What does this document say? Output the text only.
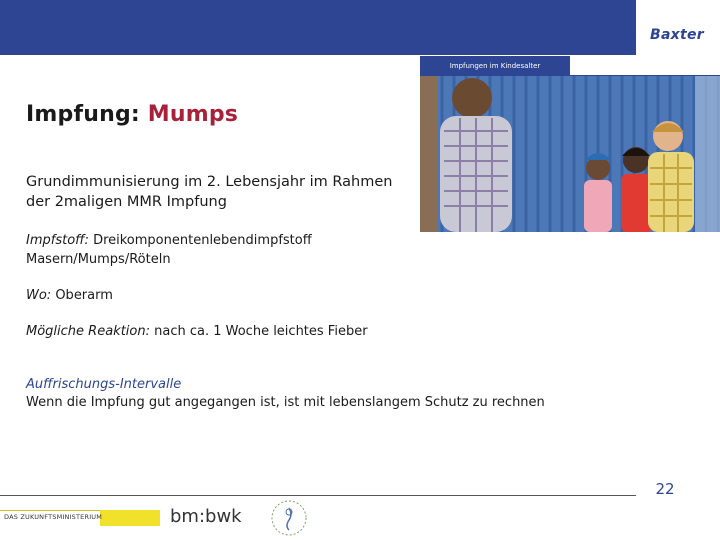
Baxter
Impfungen im Kindesalter
Impfung: Mumps
Grundimmunisierung im 2. Lebensjahr im Rahmen der 2maligen MMR Impfung
Impfstoff: Dreikomponentenlebendimpfstoff
Masern/Mumps/Röteln
Wo: Oberarm
Mögliche Reaktion: nach ca. 1 Woche leichtes Fieber
Auffrischungs-Intervalle
Wenn die Impfung gut angegangen ist, ist mit lebenslangem Schutz zu rechnen
22
DAS ZUKUNFTSMINISTERIUM	bm:bwk
